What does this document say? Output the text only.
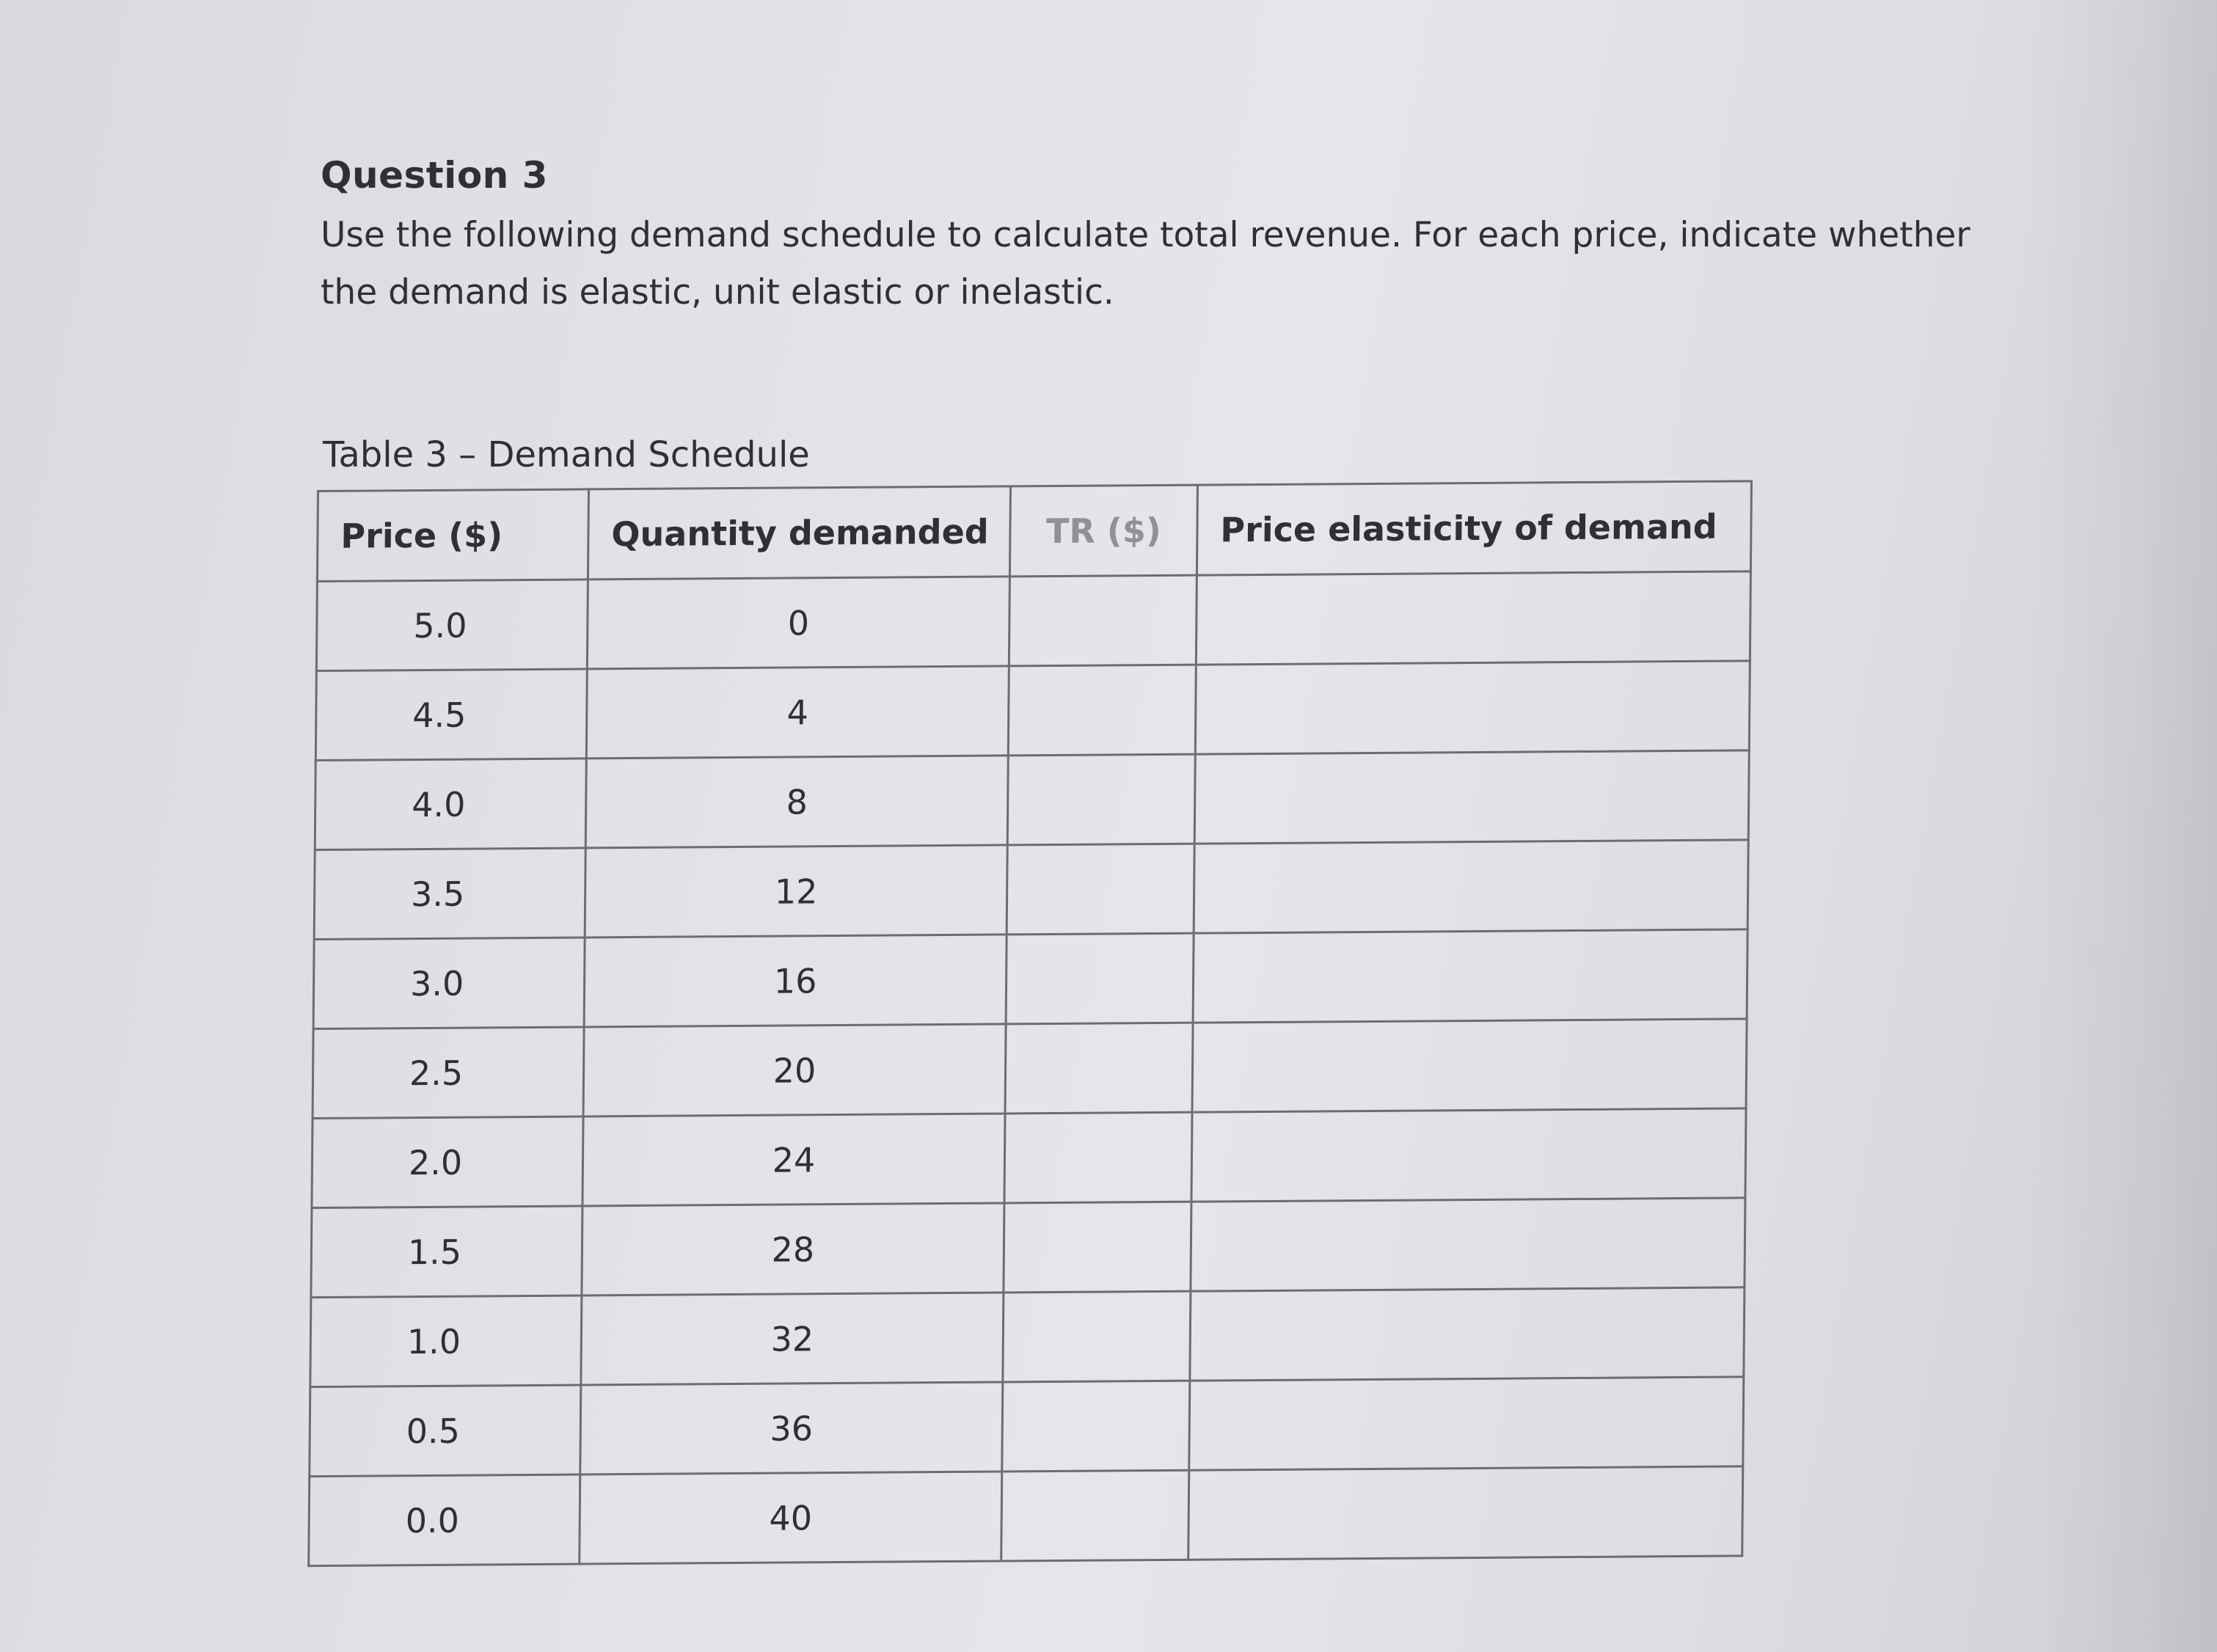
Question 3
Use the following demand schedule to calculate total revenue. For each price, indicate whether the demand is elastic, unit elastic or inelastic.
Table 3 – Demand Schedule
Price ($)	Quantity demanded	TR ($)	Price elasticity of demand
5.0	0		
4.5	4		
4.0	8		
3.5	12		
3.0	16		
2.5	20		
2.0	24		
1.5	28		
1.0	32		
0.5	36		
0.0	40		
